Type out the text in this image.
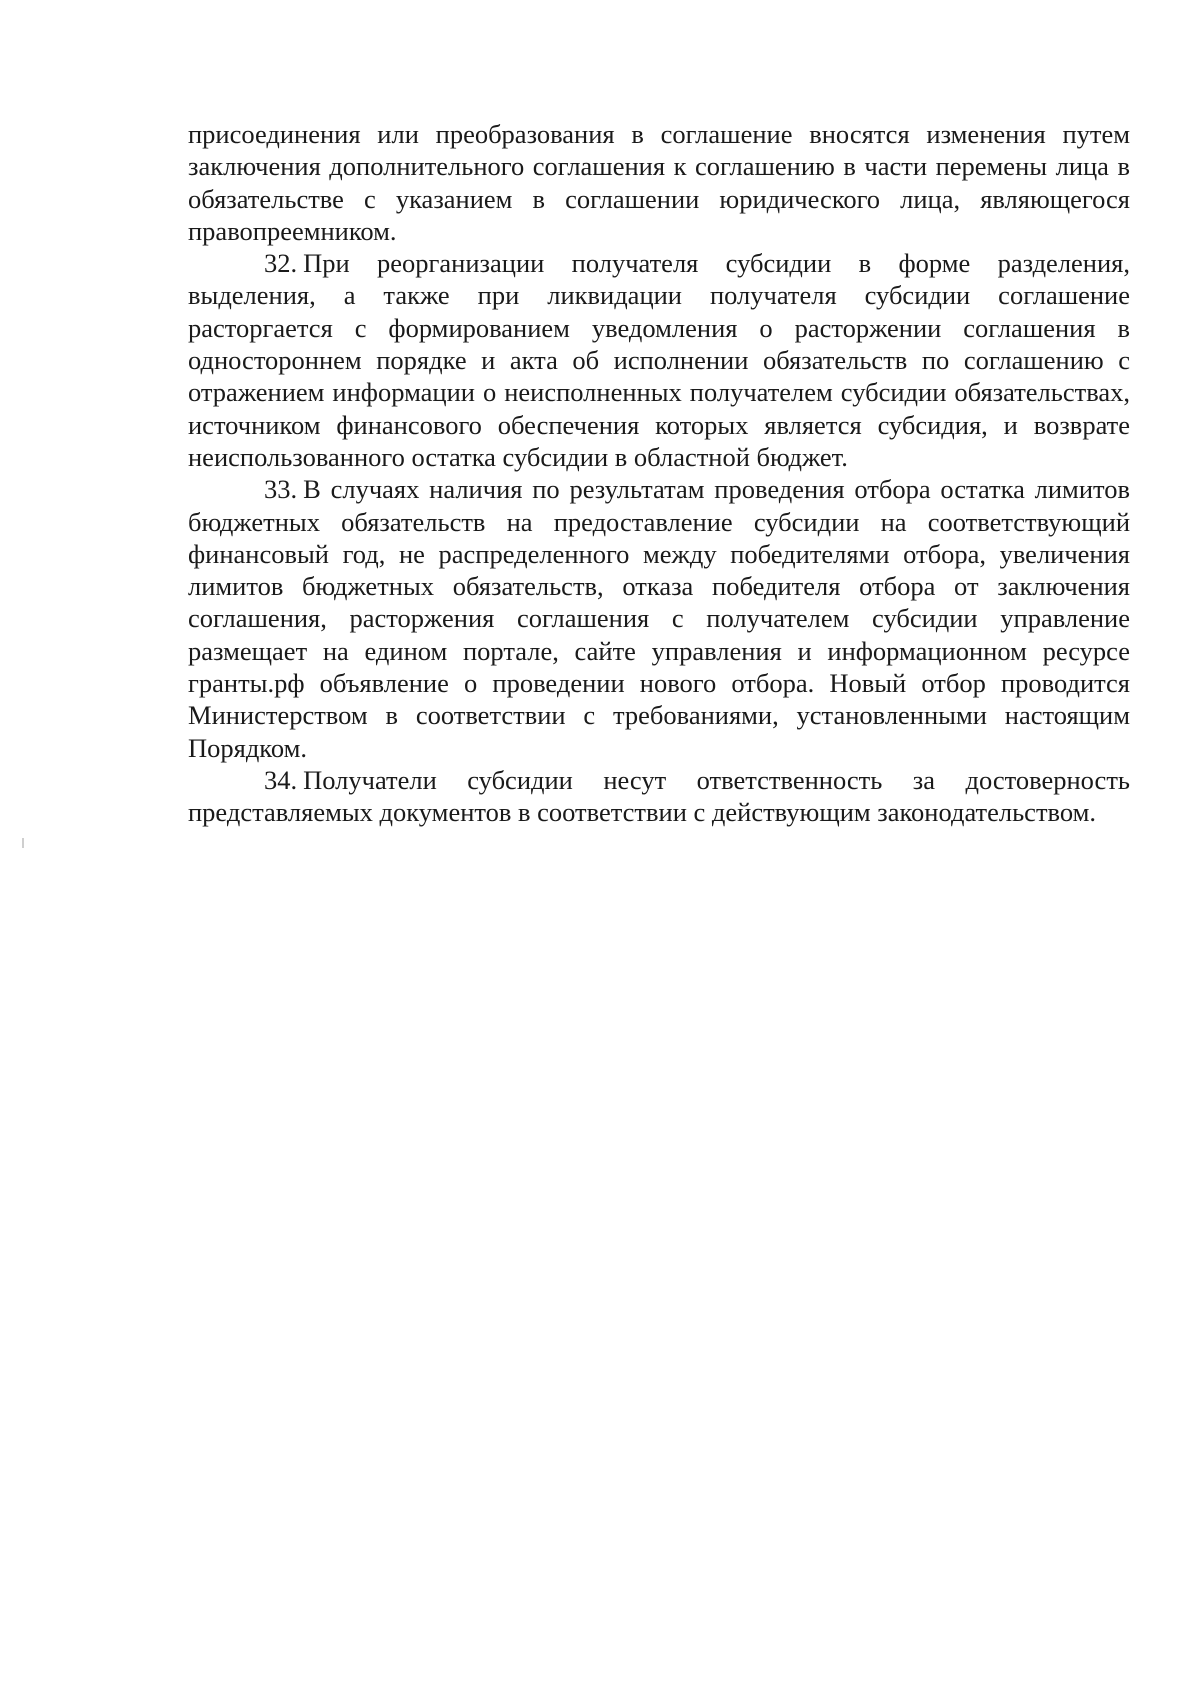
присоединения или преобразования в соглашение вносятся изменения путем заключения дополнительного соглашения к соглашению в части перемены лица в обязательстве с указанием в соглашении юридического лица, являющегося правопреемником.

32. При реорганизации получателя субсидии в форме разделения, выделения, а также при ликвидации получателя субсидии соглашение расторгается с формированием уведомления о расторжении соглашения в одностороннем порядке и акта об исполнении обязательств по соглашению с отражением информации о неисполненных получателем субсидии обязательствах, источником финансового обеспечения которых является субсидия, и возврате неиспользованного остатка субсидии в областной бюджет.

33. В случаях наличия по результатам проведения отбора остатка лимитов бюджетных обязательств на предоставление субсидии на соответствующий финансовый год, не распределенного между победителями отбора, увеличения лимитов бюджетных обязательств, отказа победителя отбора от заключения соглашения, расторжения соглашения с получателем субсидии управление размещает на едином портале, сайте управления и информационном ресурсе гранты.рф объявление о проведении нового отбора. Новый отбор проводится Министерством в соответствии с требованиями, установленными настоящим Порядком.

34. Получатели субсидии несут ответственность за достоверность представляемых документов в соответствии с действующим законодательством.
